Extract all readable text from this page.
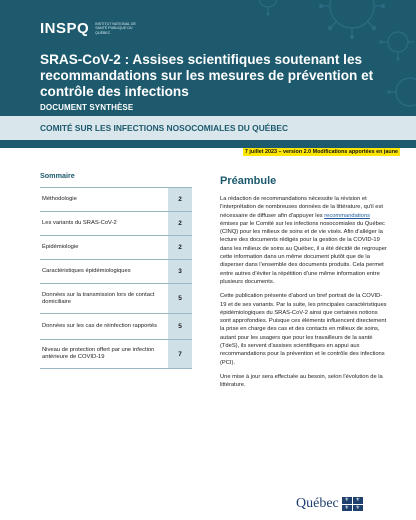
INSPQ INSTITUT NATIONAL DE SANTÉ PUBLIQUE DU QUÉBEC
SRAS-CoV-2 : Assises scientifiques soutenant les recommandations sur les mesures de prévention et contrôle des infections
DOCUMENT SYNTHÈSE
COMITÉ SUR LES INFECTIONS NOSOCOMIALES DU QUÉBEC
7 juillet 2023 – version 2.0 Modifications apportées en jaune
Sommaire
Méthodologie	2
Les variants du SRAS-CoV-2	2
Épidémiologie	2
Caractéristiques épidémiologiques	3
Données sur la transmission lors de contact domiciliaire	5
Données sur les cas de réinfection rapportés	5
Niveau de protection offert par une infection antérieure de COVID-19	7
Préambule

La rédaction de recommandations nécessite la révision et l'interprétation de nombreuses données de la littérature, qu'il est nécessaire de diffuser afin d'appuyer les recommandations émises par le Comité sur les infections nosocomiales du Québec (CINQ) pour les milieux de soins et de vie visés. Afin d'alléger la lecture des documents rédigés pour la gestion de la COVID-19 dans les milieux de soins au Québec, il a été décidé de regrouper cette information dans un même document plutôt que de la disperser dans l'ensemble des documents produits. Cela permet entre autres d'éviter la répétition d'une même information entre plusieurs documents.

Cette publication présente d'abord un bref portrait de la COVID-19 et de ses variants. Par la suite, les principales caractéristiques épidémiologiques du SRAS-CoV-2 ainsi que certaines notions sont approfondies. Puisque ces éléments influencent directement la prise en charge des cas et des contacts en milieux de soins, autant pour les usagers que pour les travailleurs de la santé (TdeS), ils servent d'assises scientifiques en appui aux recommandations pour la prévention et le contrôle des infections (PCI).

Une mise à jour sera effectuée au besoin, selon l'évolution de la littérature.

Québec	⚜	⚜
⚜	⚜
